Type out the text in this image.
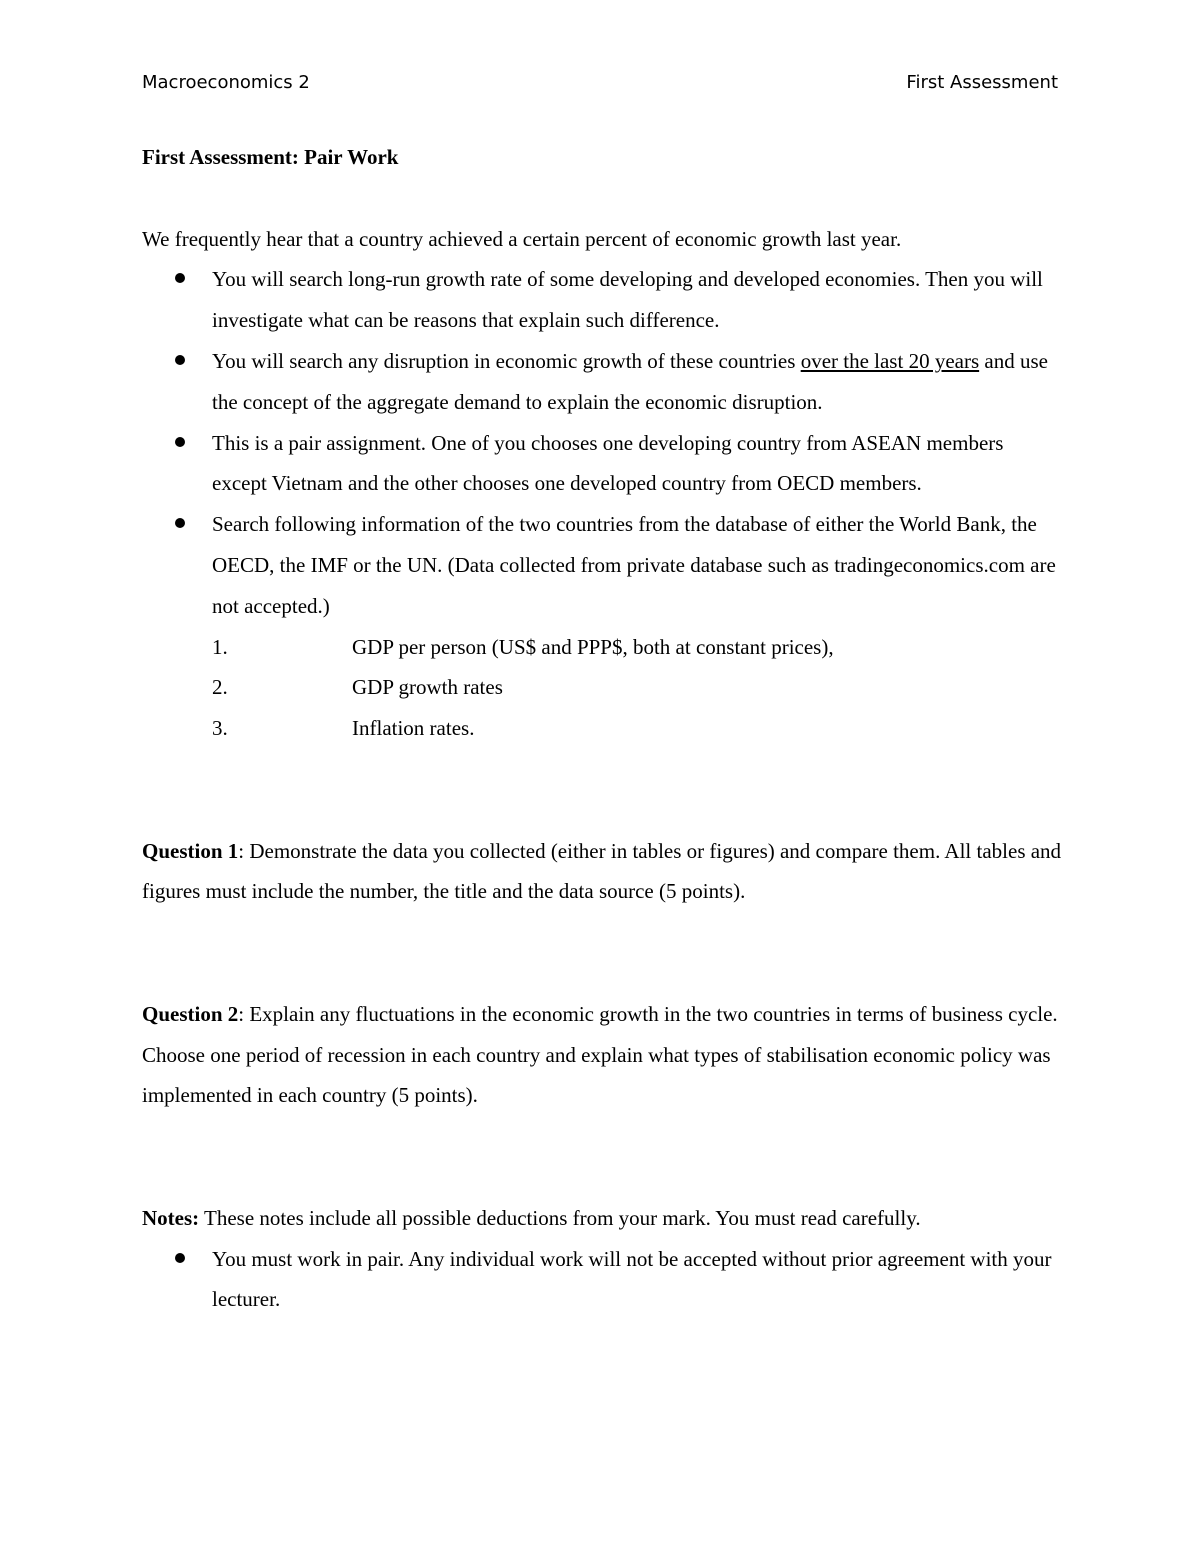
Macroeconomics 2	First Assessment

First Assessment: Pair Work

We frequently hear that a country achieved a certain percent of economic growth last year.

You will search long-run growth rate of some developing and developed economies. Then you will investigate what can be reasons that explain such difference.
You will search any disruption in economic growth of these countries over the last 20 years and use the concept of the aggregate demand to explain the economic disruption.
This is a pair assignment. One of you chooses one developing country from ASEAN members except Vietnam and the other chooses one developed country from OECD members.
Search following information of the two countries from the database of either the World Bank, the OECD, the IMF or the UN. (Data collected from private database such as tradingeconomics.com are not accepted.)
1.	GDP per person (US$ and PPP$, both at constant prices),
2.	GDP growth rates
3.	Inflation rates.

Question 1: Demonstrate the data you collected (either in tables or figures) and compare them. All tables and figures must include the number, the title and the data source (5 points).

Question 2: Explain any fluctuations in the economic growth in the two countries in terms of business cycle. Choose one period of recession in each country and explain what types of stabilisation economic policy was implemented in each country (5 points).

Notes: These notes include all possible deductions from your mark. You must read carefully.

You must work in pair. Any individual work will not be accepted without prior agreement with your lecturer.
